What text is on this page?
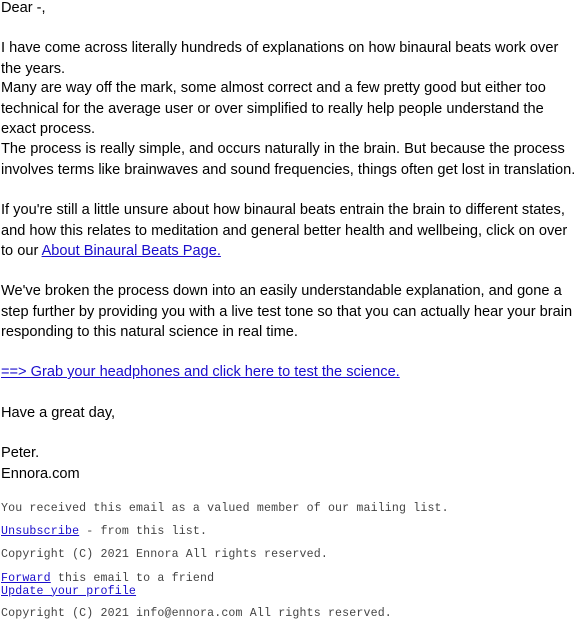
Dear -,

I have come across literally hundreds of explanations on how binaural beats work over the years.

Many are way off the mark, some almost correct and a few pretty good but either too technical for the average user or over simplified to really help people understand the exact process.

The process is really simple, and occurs naturally in the brain. But because the process involves terms like brainwaves and sound frequencies, things often get lost in translation.

If you're still a little unsure about how binaural beats entrain the brain to different states, and how this relates to meditation and general better health and wellbeing, click on over to our About Binaural Beats Page.

We've broken the process down into an easily understandable explanation, and gone a step further by providing you with a live test tone so that you can actually hear your brain responding to this natural science in real time.

==> Grab your headphones and click here to test the science.

Have a great day,

Peter.
Ennora.com
You received this email as a valued member of our mailing list.
Unsubscribe - from this list.
Copyright (C) 2021 Ennora All rights reserved.
Forward this email to a friend
Update your profile
Copyright (C) 2021 info@ennora.com All rights reserved.
